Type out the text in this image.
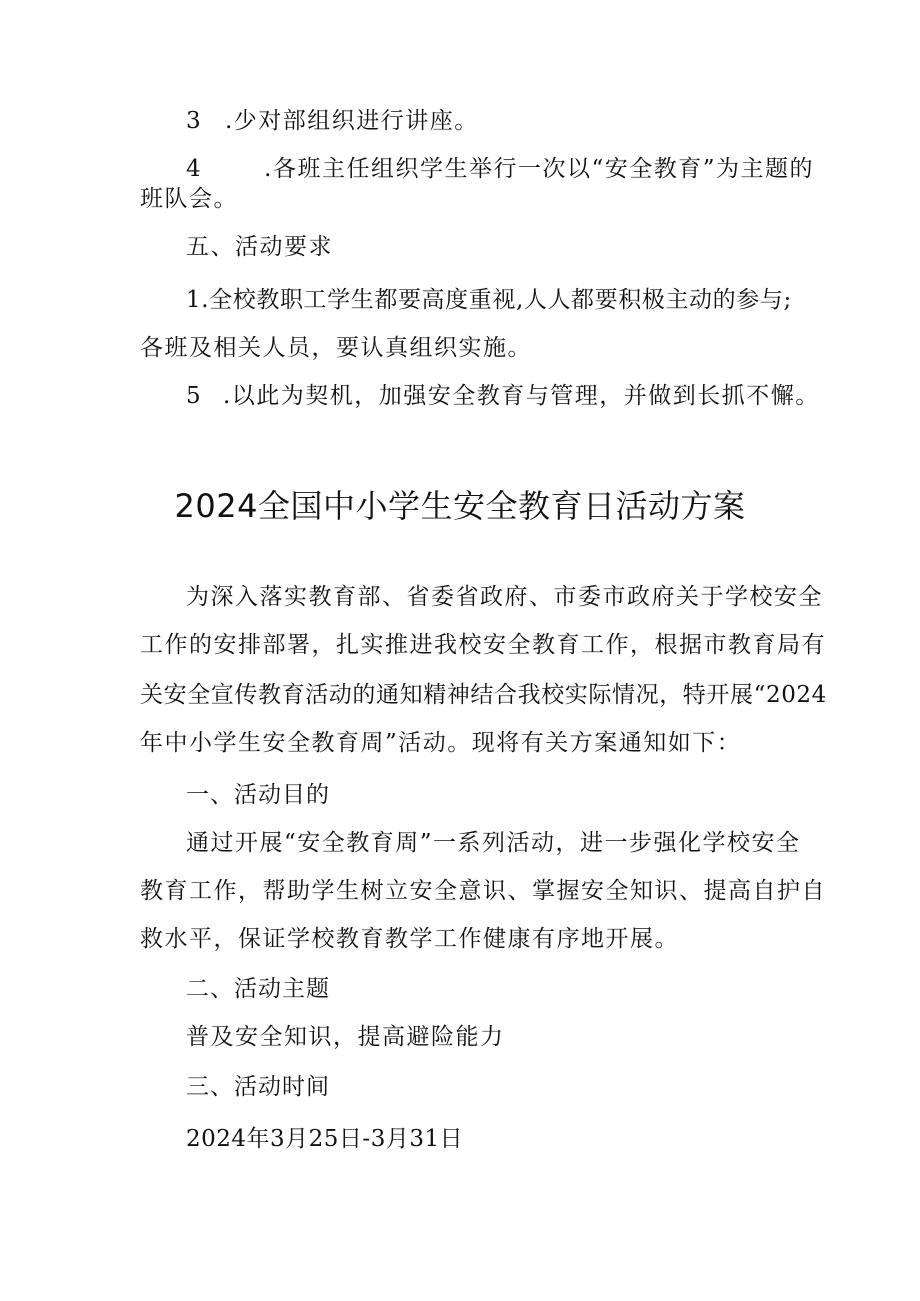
3 .少对部组织进行讲座。
4	.各班主任组织学生举行一次以“安全教育”为主题的
班队会。
五、活动要求
1.全校教职工学生都要高度重视,人人都要积极主动的参与;
各班及相关人员，要认真组织实施。
5 .以此为契机，加强安全教育与管理，并做到长抓不懈。
2024全国中小学生安全教育日活动方案
为深入落实教育部、省委省政府、市委市政府关于学校安全
工作的安排部署，扎实推进我校安全教育工作，根据市教育局有
关安全宣传教育活动的通知精神结合我校实际情况，特开展“2024
年中小学生安全教育周”活动。现将有关方案通知如下：
一、活动目的
通过开展“安全教育周”一系列活动，进一步强化学校安全
教育工作，帮助学生树立安全意识、掌握安全知识、提高自护自
救水平，保证学校教育教学工作健康有序地开展。
二、活动主题
普及安全知识，提高避险能力
三、活动时间
2024年3月25日-3月31日
